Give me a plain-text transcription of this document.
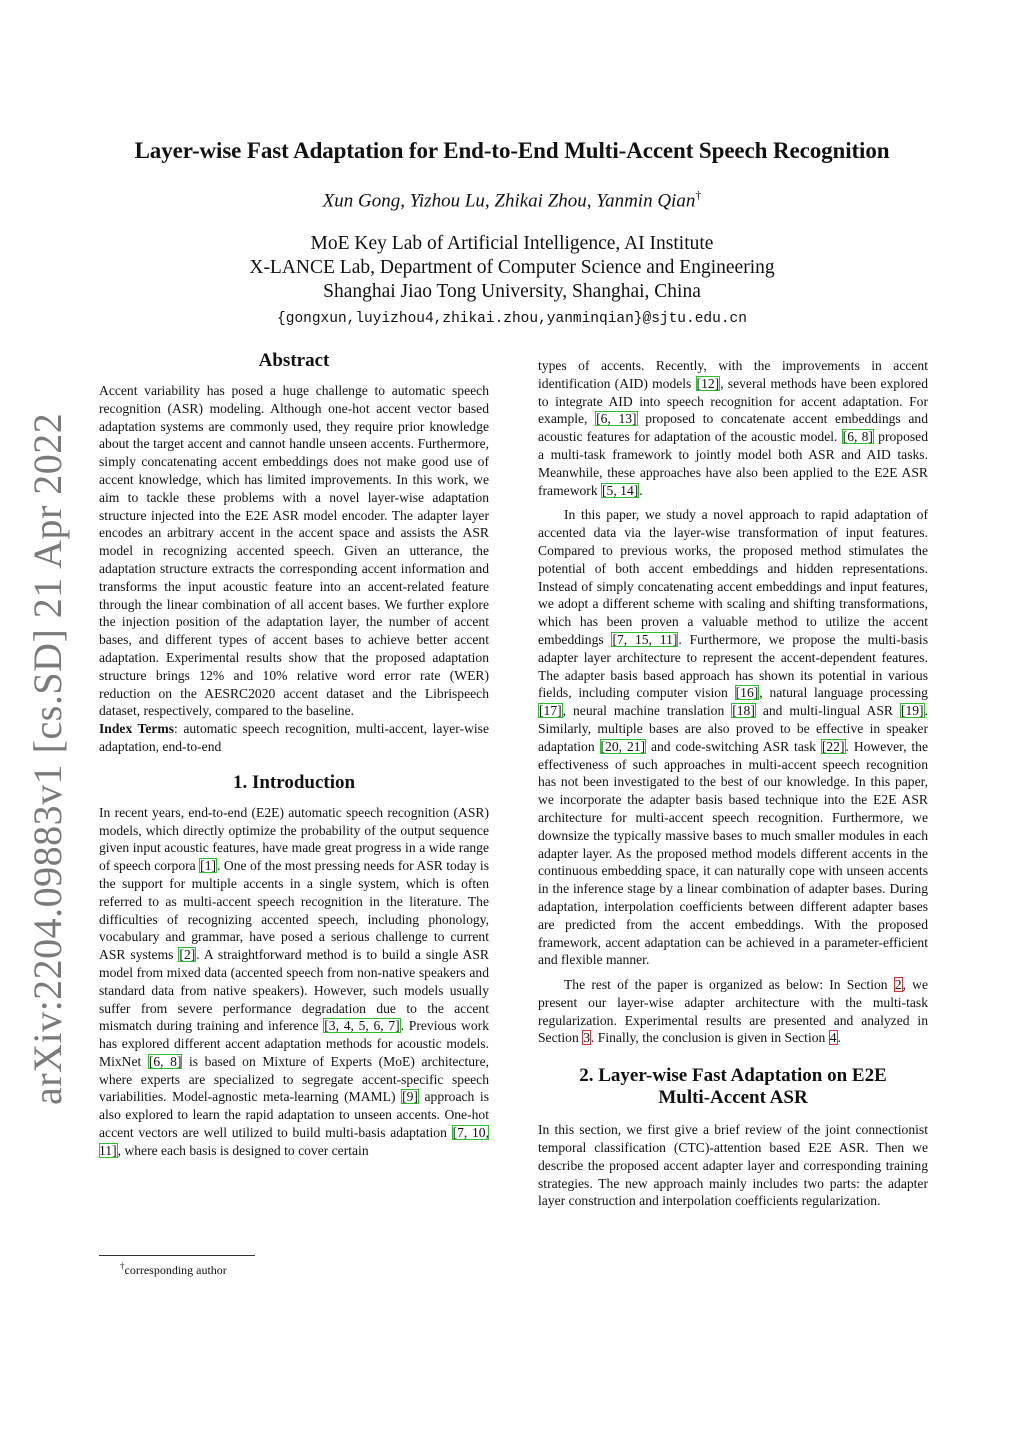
arXiv:2204.09883v1 [cs.SD] 21 Apr 2022
Layer-wise Fast Adaptation for End-to-End Multi-Accent Speech Recognition
Xun Gong, Yizhou Lu, Zhikai Zhou, Yanmin Qian†
MoE Key Lab of Artificial Intelligence, AI Institute
X-LANCE Lab, Department of Computer Science and Engineering
Shanghai Jiao Tong University, Shanghai, China
{gongxun,luyizhou4,zhikai.zhou,yanminqian}@sjtu.edu.cn
Abstract

Accent variability has posed a huge challenge to automatic speech recognition (ASR) modeling. Although one-hot accent vector based adaptation systems are commonly used, they require prior knowledge about the target accent and cannot handle unseen accents. Furthermore, simply concatenating accent embeddings does not make good use of accent knowledge, which has limited improvements. In this work, we aim to tackle these problems with a novel layer-wise adaptation structure injected into the E2E ASR model encoder. The adapter layer encodes an arbitrary accent in the accent space and assists the ASR model in recognizing accented speech. Given an utterance, the adaptation structure extracts the corresponding accent information and transforms the input acoustic feature into an accent-related feature through the linear combination of all accent bases. We further explore the injection position of the adaptation layer, the number of accent bases, and different types of accent bases to achieve better accent adaptation. Experimental results show that the proposed adaptation structure brings 12% and 10% relative word error rate (WER) reduction on the AESRC2020 accent dataset and the Librispeech dataset, respectively, compared to the baseline.

Index Terms: automatic speech recognition, multi-accent, layer-wise adaptation, end-to-end

1. Introduction

In recent years, end-to-end (E2E) automatic speech recognition (ASR) models, which directly optimize the probability of the output sequence given input acoustic features, have made great progress in a wide range of speech corpora [1]. One of the most pressing needs for ASR today is the support for multiple accents in a single system, which is often referred to as multi-accent speech recognition in the literature. The difficulties of recognizing accented speech, including phonology, vocabulary and grammar, have posed a serious challenge to current ASR systems [2]. A straightforward method is to build a single ASR model from mixed data (accented speech from non-native speakers and standard data from native speakers). However, such models usually suffer from severe performance degradation due to the accent mismatch during training and inference [3, 4, 5, 6, 7]. Previous work has explored different accent adaptation methods for acoustic models. MixNet [6, 8] is based on Mixture of Experts (MoE) architecture, where experts are specialized to segregate accent-specific speech variabilities. Model-agnostic meta-learning (MAML) [9] approach is also explored to learn the rapid adaptation to unseen accents. One-hot accent vectors are well utilized to build multi-basis adaptation [7, 10, 11], where each basis is designed to cover certain

†corresponding author

types of accents. Recently, with the improvements in accent identification (AID) models [12], several methods have been explored to integrate AID into speech recognition for accent adaptation. For example, [6, 13] proposed to concatenate accent embeddings and acoustic features for adaptation of the acoustic model. [6, 8] proposed a multi-task framework to jointly model both ASR and AID tasks. Meanwhile, these approaches have also been applied to the E2E ASR framework [5, 14].

In this paper, we study a novel approach to rapid adaptation of accented data via the layer-wise transformation of input features. Compared to previous works, the proposed method stimulates the potential of both accent embeddings and hidden representations. Instead of simply concatenating accent embeddings and input features, we adopt a different scheme with scaling and shifting transformations, which has been proven a valuable method to utilize the accent embeddings [7, 15, 11]. Furthermore, we propose the multi-basis adapter layer architecture to represent the accent-dependent features. The adapter basis based approach has shown its potential in various fields, including computer vision [16], natural language processing [17], neural machine translation [18] and multi-lingual ASR [19]. Similarly, multiple bases are also proved to be effective in speaker adaptation [20, 21] and code-switching ASR task [22]. However, the effectiveness of such approaches in multi-accent speech recognition has not been investigated to the best of our knowledge. In this paper, we incorporate the adapter basis based technique into the E2E ASR architecture for multi-accent speech recognition. Furthermore, we downsize the typically massive bases to much smaller modules in each adapter layer. As the proposed method models different accents in the continuous embedding space, it can naturally cope with unseen accents in the inference stage by a linear combination of adapter bases. During adaptation, interpolation coefficients between different adapter bases are predicted from the accent embeddings. With the proposed framework, accent adaptation can be achieved in a parameter-efficient and flexible manner.

The rest of the paper is organized as below: In Section 2, we present our layer-wise adapter architecture with the multi-task regularization. Experimental results are presented and analyzed in Section 3. Finally, the conclusion is given in Section 4.

2. Layer-wise Fast Adaptation on E2E
Multi-Accent ASR

In this section, we first give a brief review of the joint connectionist temporal classification (CTC)-attention based E2E ASR. Then we describe the proposed accent adapter layer and corresponding training strategies. The new approach mainly includes two parts: the adapter layer construction and interpolation coefficients regularization.
